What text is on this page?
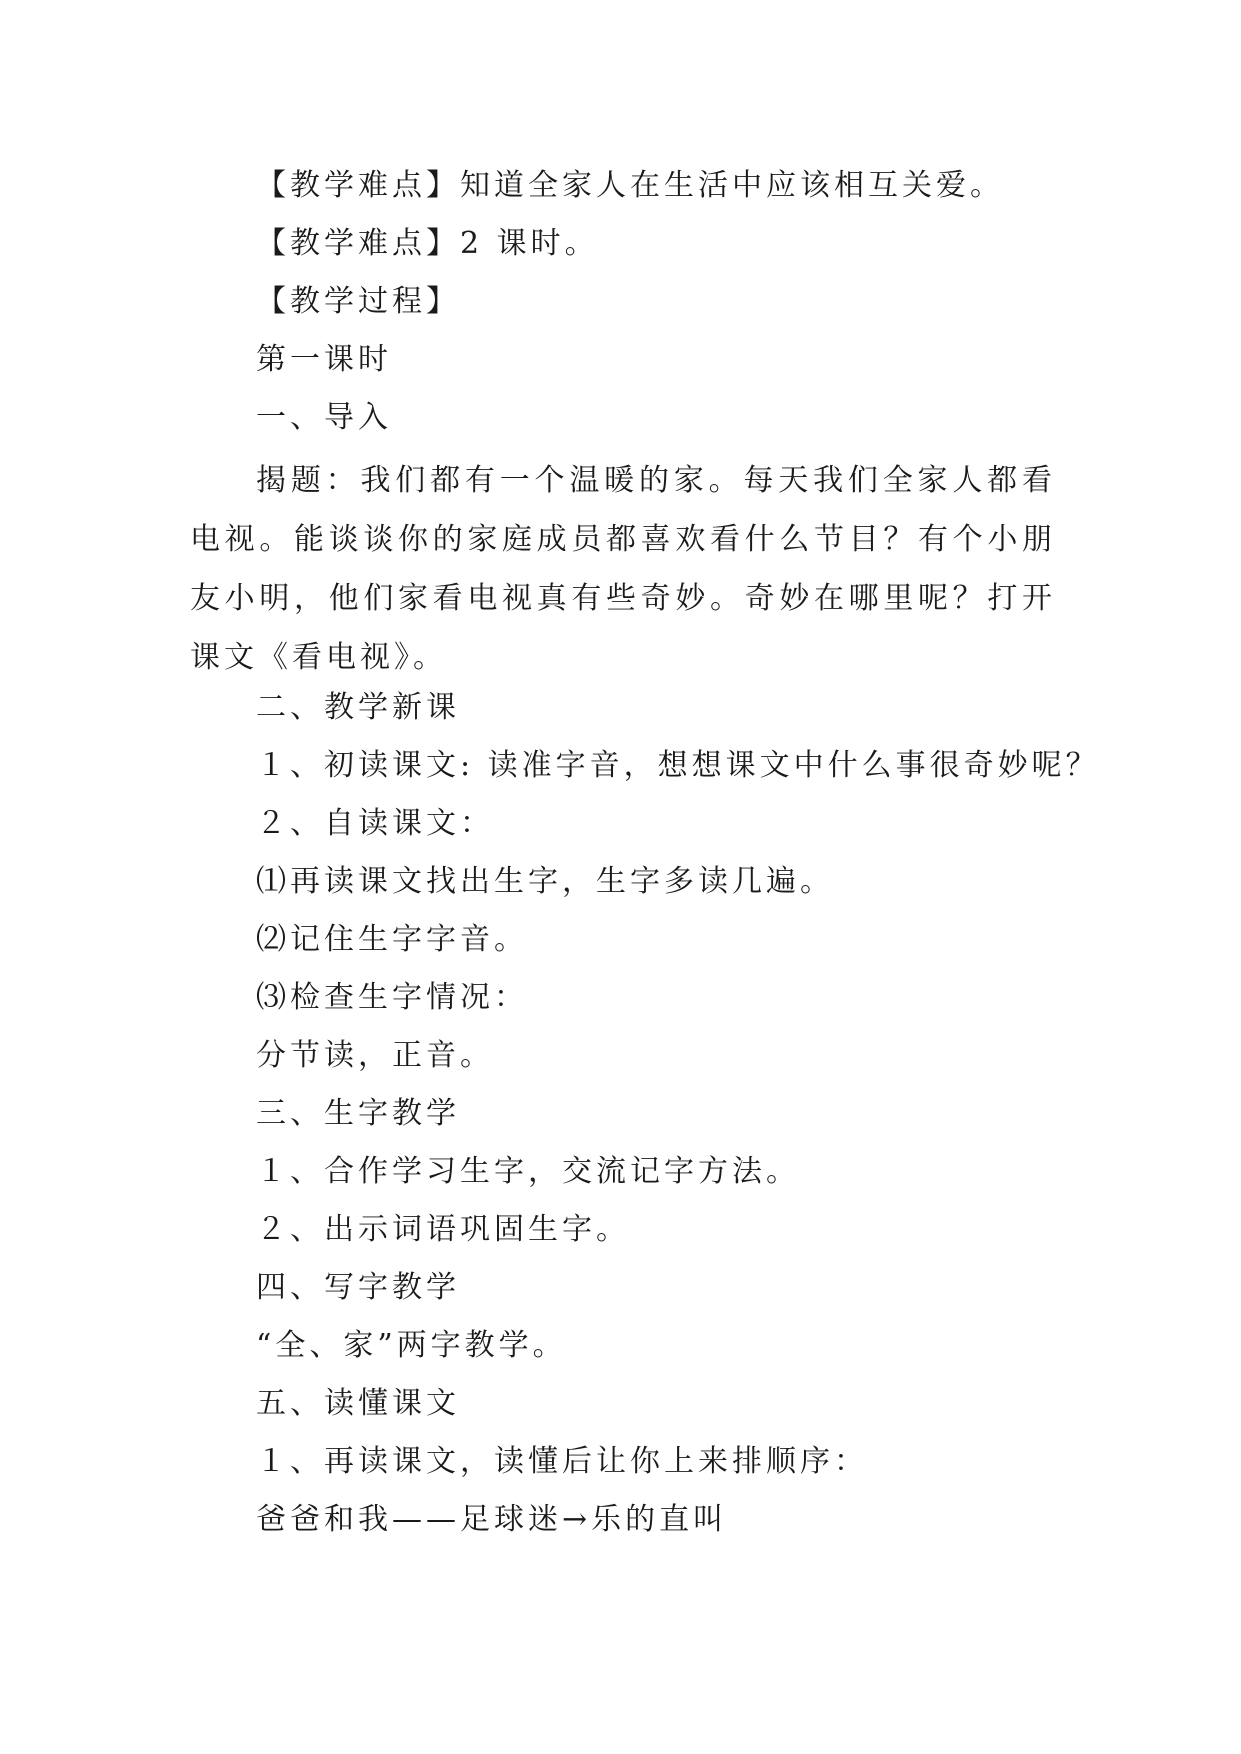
【教学难点】知道全家人在生活中应该相互关爱。
【教学难点】2 课时。
【教学过程】
第一课时
一、导入
揭题：我们都有一个温暖的家。每天我们全家人都看电视。能谈谈你的家庭成员都喜欢看什么节目？有个小朋友小明，他们家看电视真有些奇妙。奇妙在哪里呢？打开课文《看电视》。
二、教学新课
１、初读课文: 读准字音，想想课文中什么事很奇妙呢？
２、自读课文：
⑴再读课文找出生字，生字多读几遍。
⑵记住生字字音。
⑶检查生字情况：
分节读，正音。
三、生字教学
１、合作学习生字，交流记字方法。
２、出示词语巩固生字。
四、写字教学
“全、家”两字教学。
五、读懂课文
１、再读课文，读懂后让你上来排顺序：
爸爸和我——足球迷→乐的直叫
